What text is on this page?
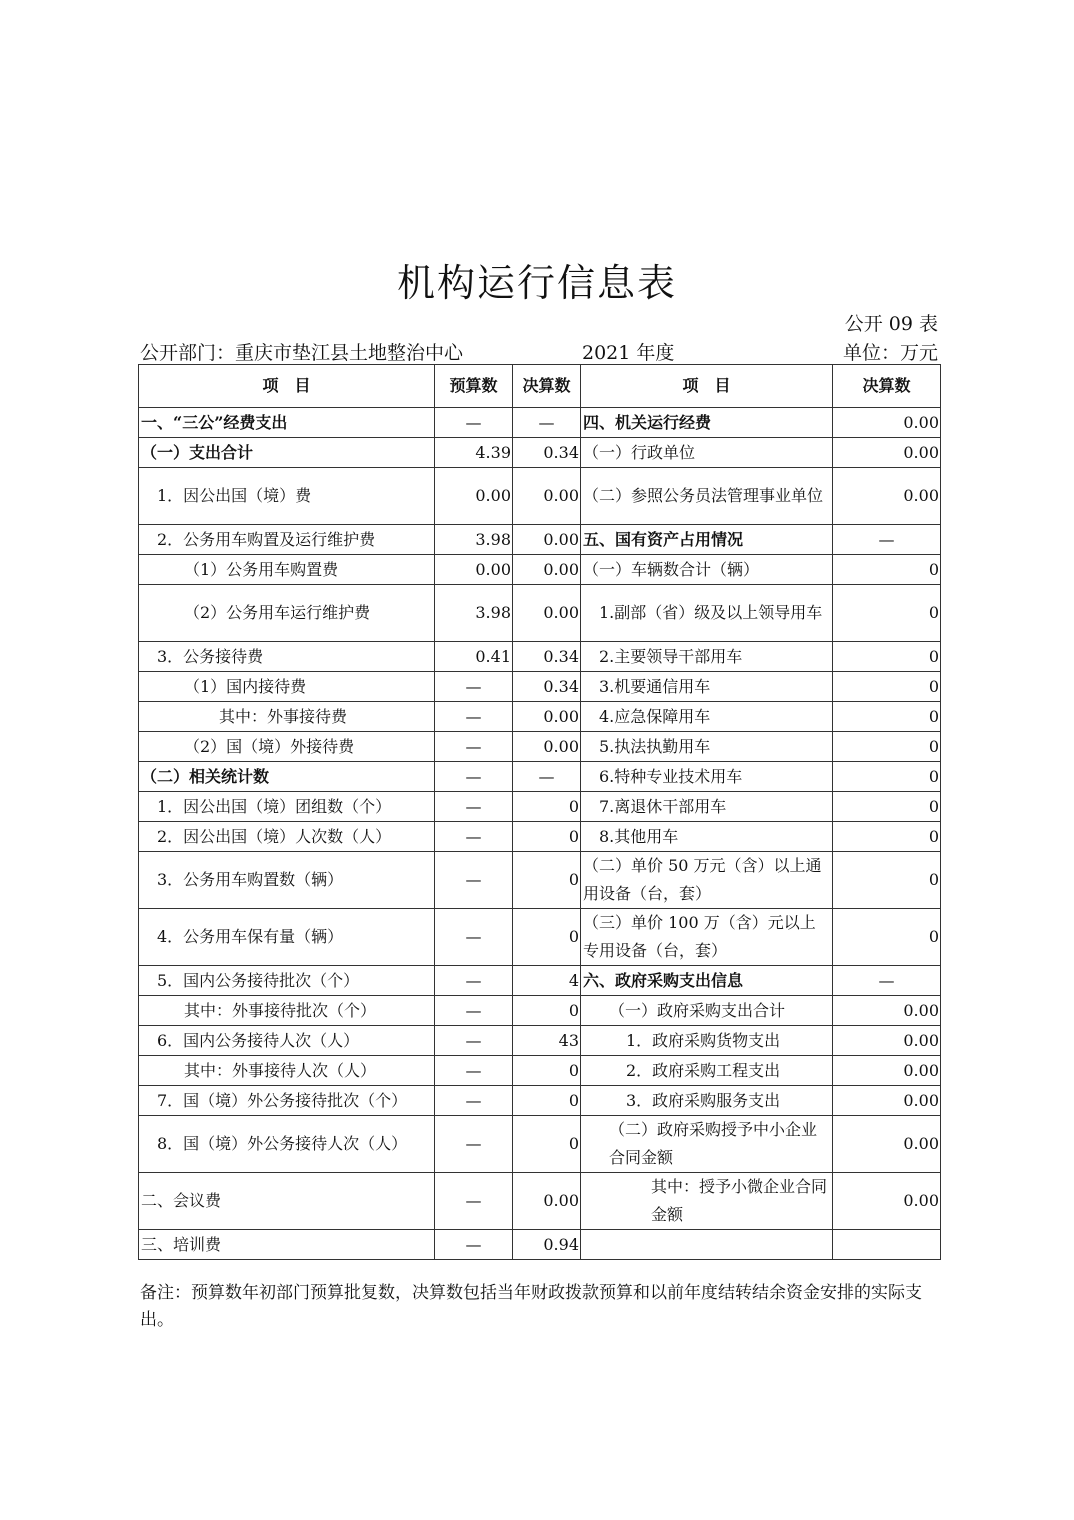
机构运行信息表
公开 09 表
公开部门：重庆市垫江县土地整治中心	2021 年度	单位：万元
项　目	预算数	决算数	项　目	决算数
一、“三公”经费支出	—	—	四、机关运行经费	0.00
（一）支出合计	4.39	0.34	（一）行政单位	0.00
1．因公出国（境）费	0.00	0.00	（二）参照公务员法管理事业单位	0.00
2．公务用车购置及运行维护费	3.98	0.00	五、国有资产占用情况	—
（1）公务用车购置费	0.00	0.00	（一）车辆数合计（辆）	0
（2）公务用车运行维护费	3.98	0.00	1.副部（省）级及以上领导用车	0
3．公务接待费	0.41	0.34	2.主要领导干部用车	0
（1）国内接待费	—	0.34	3.机要通信用车	0
其中：外事接待费	—	0.00	4.应急保障用车	0
（2）国（境）外接待费	—	0.00	5.执法执勤用车	0
（二）相关统计数	—	—	6.特种专业技术用车	0
1．因公出国（境）团组数（个）	—	0	7.离退休干部用车	0
2．因公出国（境）人次数（人）	—	0	8.其他用车	0
3．公务用车购置数（辆）	—	0	（二）单价 50 万元（含）以上通用设备（台，套）	0
4．公务用车保有量（辆）	—	0	（三）单价 100 万（含）元以上专用设备（台，套）	0
5．国内公务接待批次（个）	—	4	六、政府采购支出信息	—
其中：外事接待批次（个）	—	0	（一）政府采购支出合计	0.00
6．国内公务接待人次（人）	—	43	1．政府采购货物支出	0.00
其中：外事接待人次（人）	—	0	2．政府采购工程支出	0.00
7．国（境）外公务接待批次（个）	—	0	3．政府采购服务支出	0.00
8．国（境）外公务接待人次（人）	—	0	（二）政府采购授予中小企业合同金额	0.00
二、会议费	—	0.00	其中：授予小微企业合同金额	0.00
三、培训费	—	0.94		
备注：预算数年初部门预算批复数，决算数包括当年财政拨款预算和以前年度结转结余资金安排的实际支出。
